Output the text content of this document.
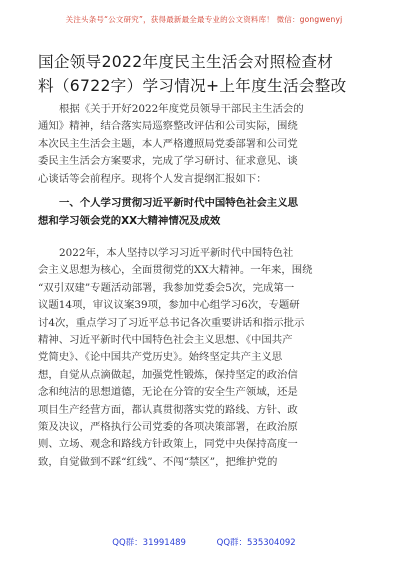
关注头条号“公文研究”，获得最新最全最专业的公文资料库！ 微信：gongwenyj
国企领导2022年度民主生活会对照检查材
料（6722字）学习情况+上年度生活会整改
根据《关于开好2022年度党员领导干部民主生活会的
通知》精神，结合落实局巡察整改评估和公司实际，围绕
本次民主生活会主题，本人严格遵照局党委部署和公司党
委民主生活会方案要求，完成了学习研讨、征求意见、谈
心谈话等会前程序。现将个人发言提纲汇报如下：
一、个人学习贯彻习近平新时代中国特色社会主义思
想和学习领会党的XX大精神情况及成效
2022年，本人坚持以学习习近平新时代中国特色社
会主义思想为核心，全面贯彻党的XX大精神。一年来，围绕
“双引双建”专题活动部署，我参加党委会5次，完成第一
议题14项，审议议案39项，参加中心组学习6次，专题研
讨4次，重点学习了习近平总书记各次重要讲话和指示批示
精神、习近平新时代中国特色社会主义思想、《中国共产
党简史》、《论中国共产党历史》。始终坚定共产主义思
想，自觉从点滴做起，加强党性锻炼，保持坚定的政治信
念和纯洁的思想道德，无论在分管的安全生产领域，还是
项目生产经营方面，都认真贯彻落实党的路线、方针、政
策及决议，严格执行公司党委的各项决策部署，在政治原
则、立场、观念和路线方针政策上，同党中央保持高度一
致，自觉做到不踩“红线”、不闯“禁区”，把维护党的
QQ群：31991489	QQ群：535304092
